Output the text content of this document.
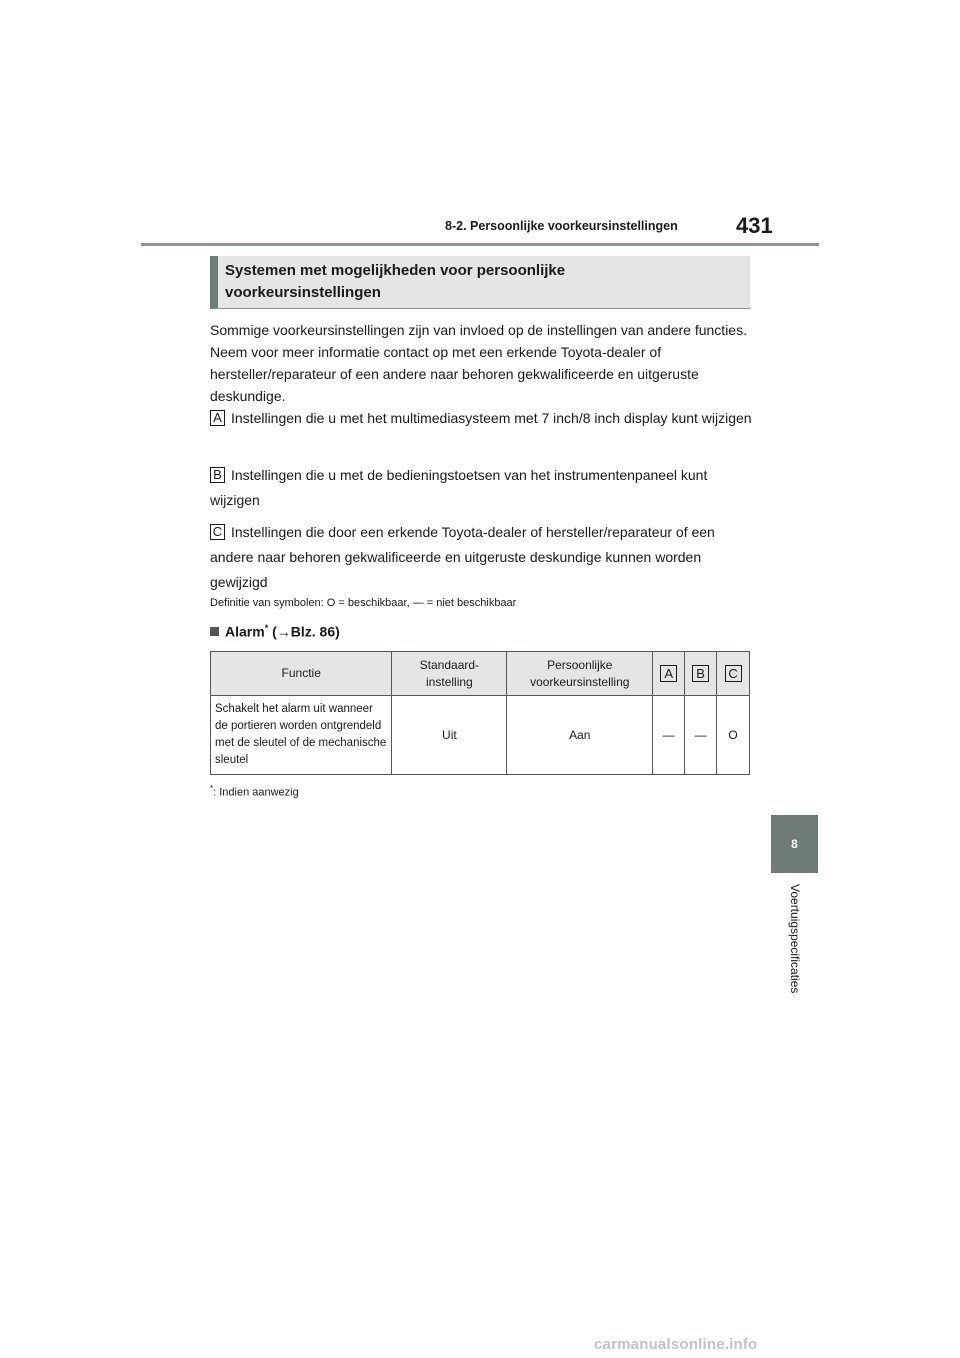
8-2. Persoonlijke voorkeursinstellingen	431
8
Voertuigspecificaties
Systemen met mogelijkheden voor persoonlijke
voorkeursinstellingen
Sommige voorkeursinstellingen zijn van invloed op de instellingen van andere functies. Neem voor meer informatie contact op met een erkende Toyota-dealer of hersteller/reparateur of een andere naar behoren gekwalificeerde en uitgeruste deskundige.
A Instellingen die u met het multimediasysteem met 7 inch/8 inch display kunt wijzigen
B Instellingen die u met de bedieningstoetsen van het instrumentenpaneel kunt wijzigen
C Instellingen die door een erkende Toyota-dealer of hersteller/reparateur of een andere naar behoren gekwalificeerde en uitgeruste deskundige kunnen worden gewijzigd
Definitie van symbolen: O = beschikbaar, — = niet beschikbaar
Alarm* (→Blz. 86)
Functie	Standaard-instelling	Persoonlijke voorkeursinstelling	A	B	C
Schakelt het alarm uit wanneer de portieren worden ontgrendeld met de sleutel of de mechanische sleutel	Uit	Aan	—	—	O
*: Indien aanwezig
carmanualsonline.info
